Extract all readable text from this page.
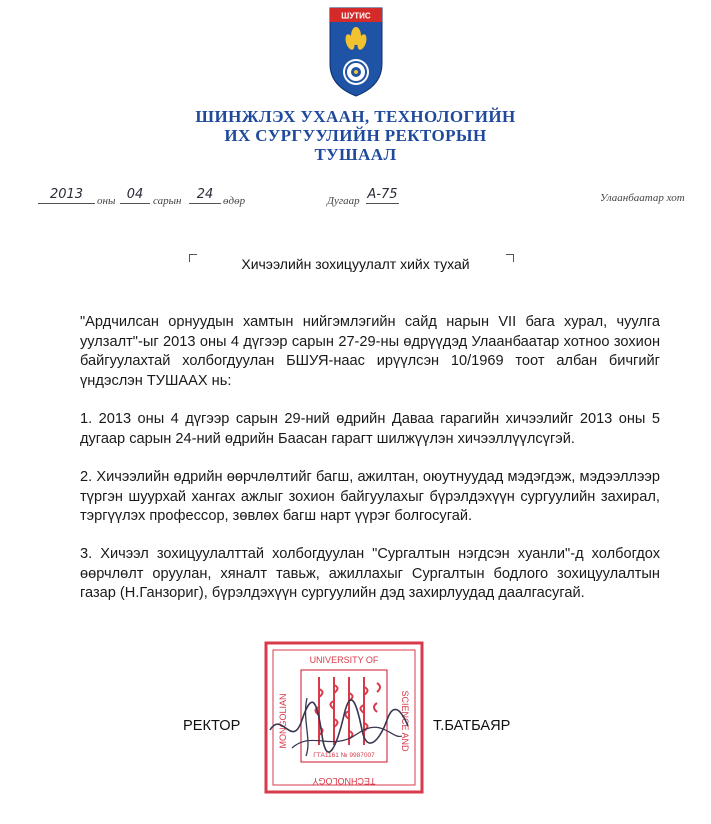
ШУТИС
ШИНЖЛЭХ УХААН, ТЕХНОЛОГИЙН
ИХ СУРГУУЛИЙН РЕКТОРЫН
ТУШААЛ
2013	оны 04 сарын	24 өдөр	Дугаар А-75	Улаанбаатар хот
Хичээлийн зохицуулалт хийх тухай

"Ардчилсан орнуудын хамтын нийгэмлэгийн сайд нарын VII бага хурал, чуулга уулзалт"-ыг 2013 оны 4 дүгээр сарын 27-29-ны өдрүүдэд Улаанбаатар хотноо зохион байгуулахтай холбогдуулан БШУЯ-наас ирүүлсэн 10/1969 тоот албан бичгийг үндэслэн ТУШААХ нь:

1. 2013 оны 4 дүгээр сарын 29-ний өдрийн Даваа гарагийн хичээлийг 2013 оны 5 дугаар сарын 24-ний өдрийн Баасан гарагт шилжүүлэн хичээллүүлсүгэй.

2. Хичээлийн өдрийн өөрчлөлтийг багш, ажилтан, оюутнуудад мэдэгдэж, мэдээллээр түргэн шуурхай хангах ажлыг зохион байгуулахыг бүрэлдэхүүн сургуулийн захирал, тэргүүлэх профессор, зөвлөх багш нарт үүрэг болгосугай.

3. Хичээл зохицуулалттай холбогдуулан "Сургалтын нэгдсэн хуанли"-д холбогдох өөрчлөлт оруулан, хяналт тавьж, ажиллахыг Сургалтын бодлого зохицуулалтын газар (Н.Ганзориг), бүрэлдэхүүн сургуулийн дэд захирлуудад даалгасугай.

UNIVERSITY OF
SCIENCE AND
TECHNOLOGY
MONGOLIAN
ГТА1161 № 9987007
РЕКТОР	Т.БАТБАЯР
